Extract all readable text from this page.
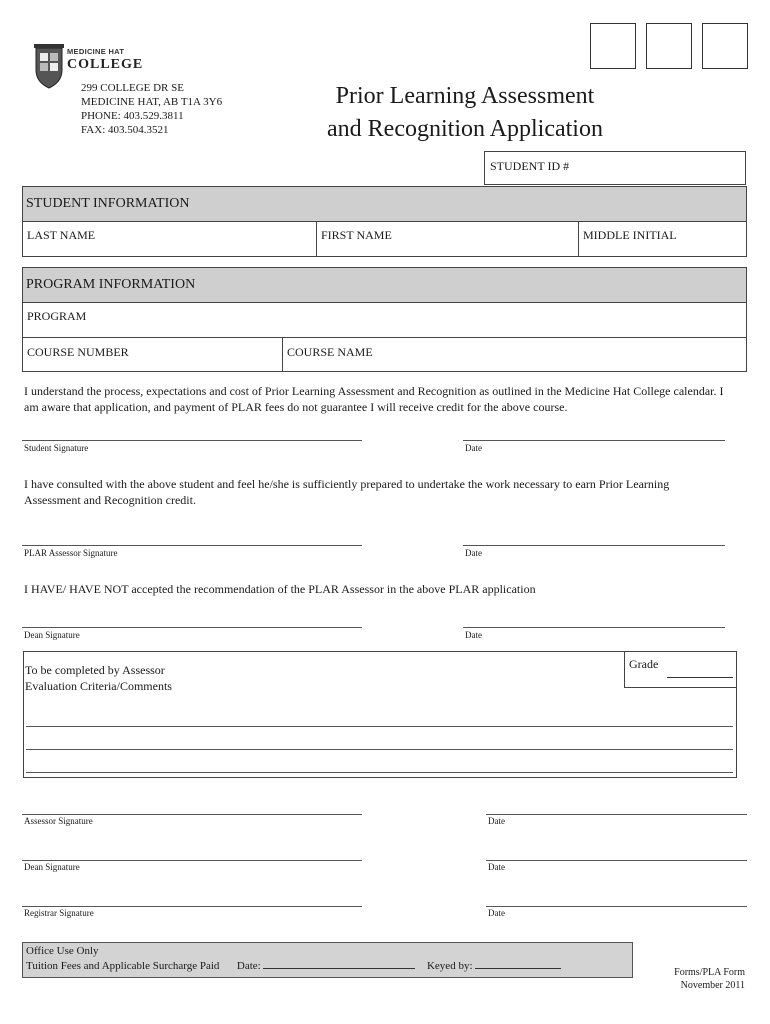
MEDICINE HAT
COLLEGE
299 COLLEGE DR SE
MEDICINE HAT, AB T1A 3Y6
PHONE: 403.529.3811
FAX: 403.504.3521
Prior Learning Assessment
and Recognition Application
STUDENT ID #
STUDENT INFORMATION
LAST NAME	FIRST NAME	MIDDLE INITIAL
PROGRAM INFORMATION
PROGRAM
COURSE NUMBER	COURSE NAME
I understand the process, expectations and cost of Prior Learning Assessment and Recognition as outlined in the Medicine Hat College calendar. I am aware that application, and payment of PLAR fees do not guarantee I will receive credit for the above course.
Student Signature	Date
I have consulted with the above student and feel he/she is sufficiently prepared to undertake the work necessary to earn Prior Learning Assessment and Recognition credit.
PLAR Assessor Signature	Date
I HAVE/ HAVE NOT accepted the recommendation of the PLAR Assessor in the above PLAR application
Dean Signature	Date
To be completed by Assessor
Evaluation Criteria/Comments
Grade
Assessor Signature	Date
Dean Signature	Date
Registrar Signature	Date
Office Use Only
Tuition Fees and Applicable Surcharge Paid Date:	Keyed by:
Forms/PLA Form
November 2011
